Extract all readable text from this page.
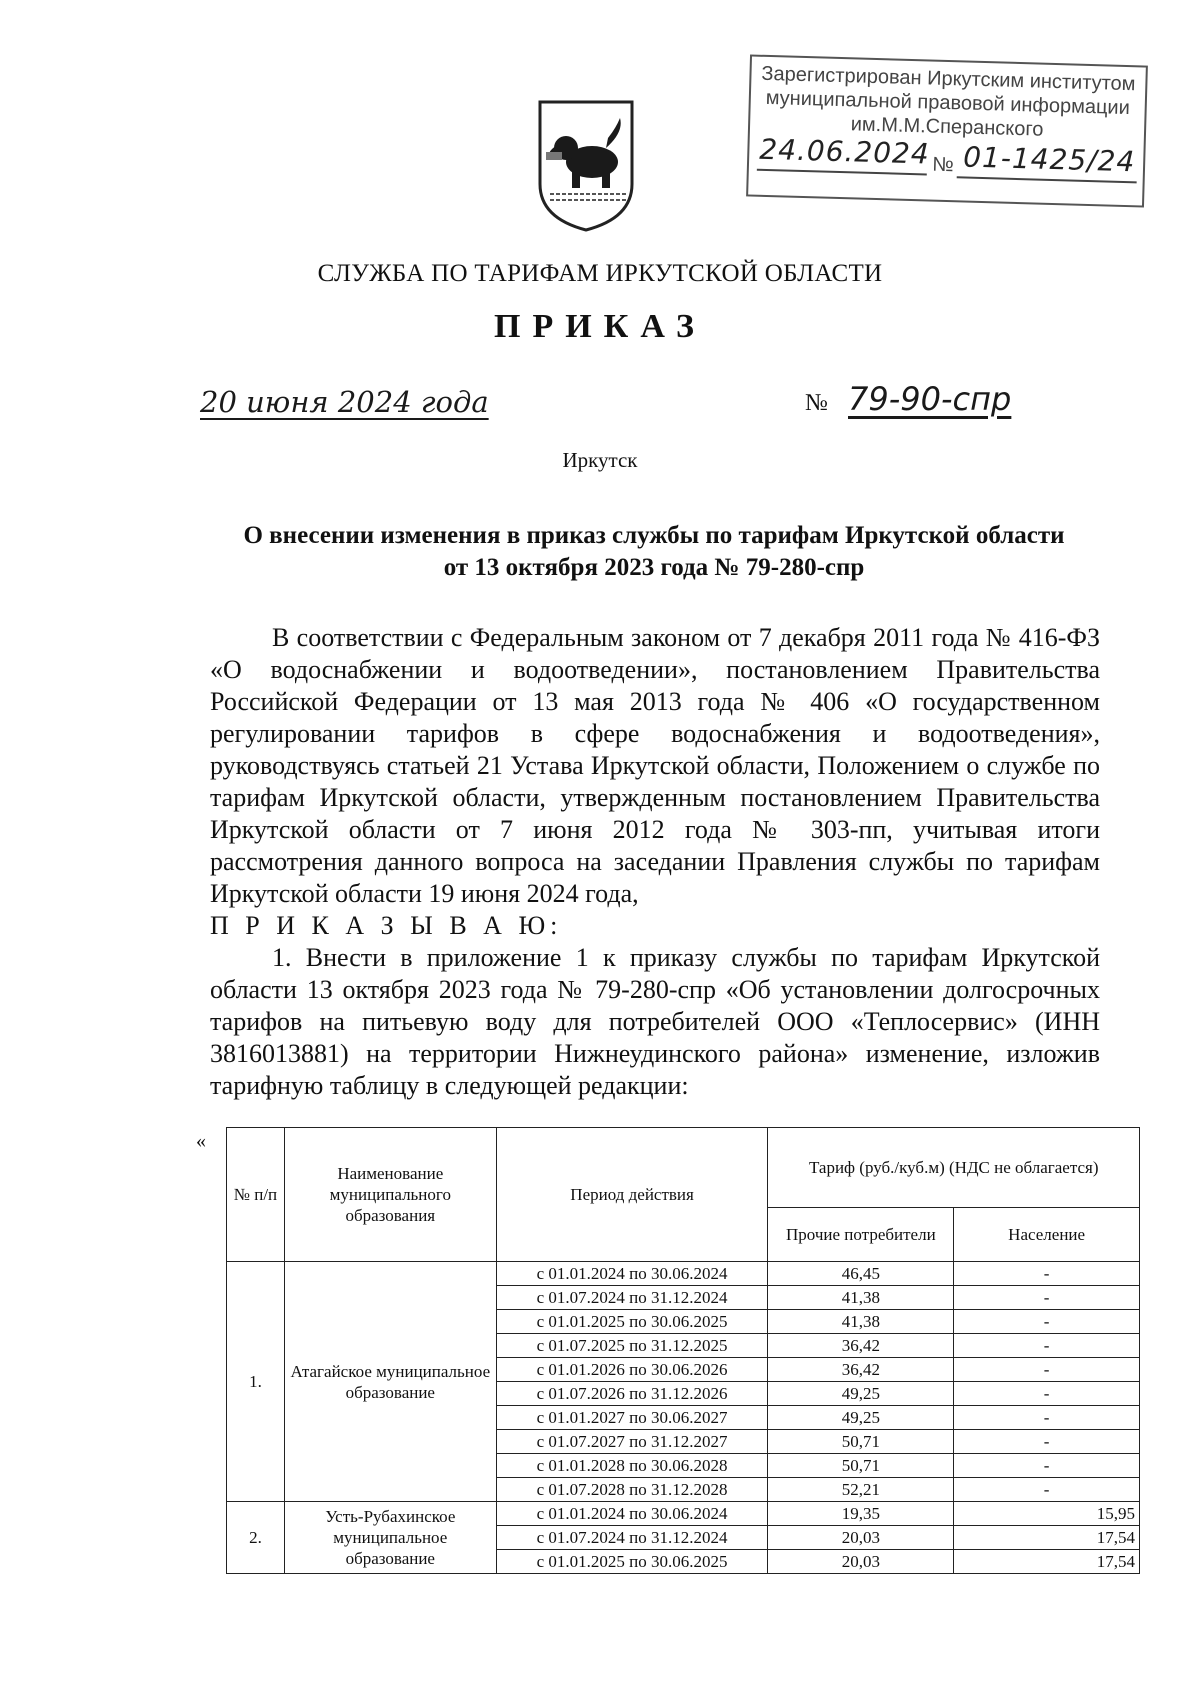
Зарегистрирован Иркутским институтом
муниципальной правовой информации
им.М.М.Сперанского
24.06.2024 № 01-1425/24
СЛУЖБА ПО ТАРИФАМ ИРКУТСКОЙ ОБЛАСТИ
ПРИКАЗ
20 июня 2024 года	№ 79-90-спр
Иркутск
О внесении изменения в приказ службы по тарифам Иркутской области
от 13 октября 2023 года № 79-280-спр

В соответствии с Федеральным законом от 7 декабря 2011 года № 416-ФЗ «О водоснабжении и водоотведении», постановлением Правительства Российской Федерации от 13 мая 2013 года № 406 «О государственном регулировании тарифов в сфере водоснабжения и водоотведения», руководствуясь статьей 21 Устава Иркутской области, Положением о службе по тарифам Иркутской области, утвержденным постановлением Правительства Иркутской области от 7 июня 2012 года № 303-пп, учитывая итоги рассмотрения данного вопроса на заседании Правления службы по тарифам Иркутской области 19 июня 2024 года,

П Р И К А З Ы В А Ю:

1. Внести в приложение 1 к приказу службы по тарифам Иркутской области 13 октября 2023 года № 79-280-спр «Об установлении долгосрочных тарифов на питьевую воду для потребителей ООО «Теплосервис» (ИНН 3816013881) на территории Нижнеудинского района» изменение, изложив тарифную таблицу в следующей редакции:

«
№ п/п	Наименование муниципального образования	Период действия	Тариф (руб./куб.м) (НДС не облагается)	
			Прочие потребители	Население
1.	Атагайское муниципальное образование	с 01.01.2024 по 30.06.2024	46,45	-
		с 01.07.2024 по 31.12.2024	41,38	-
		с 01.01.2025 по 30.06.2025	41,38	-
		с 01.07.2025 по 31.12.2025	36,42	-
		с 01.01.2026 по 30.06.2026	36,42	-
		с 01.07.2026 по 31.12.2026	49,25	-
		с 01.01.2027 по 30.06.2027	49,25	-
		с 01.07.2027 по 31.12.2027	50,71	-
		с 01.01.2028 по 30.06.2028	50,71	-
		с 01.07.2028 по 31.12.2028	52,21	-
2.	Усть-Рубахинское муниципальное образование	с 01.01.2024 по 30.06.2024	19,35	15,95
		с 01.07.2024 по 31.12.2024	20,03	17,54
		с 01.01.2025 по 30.06.2025	20,03	17,54
